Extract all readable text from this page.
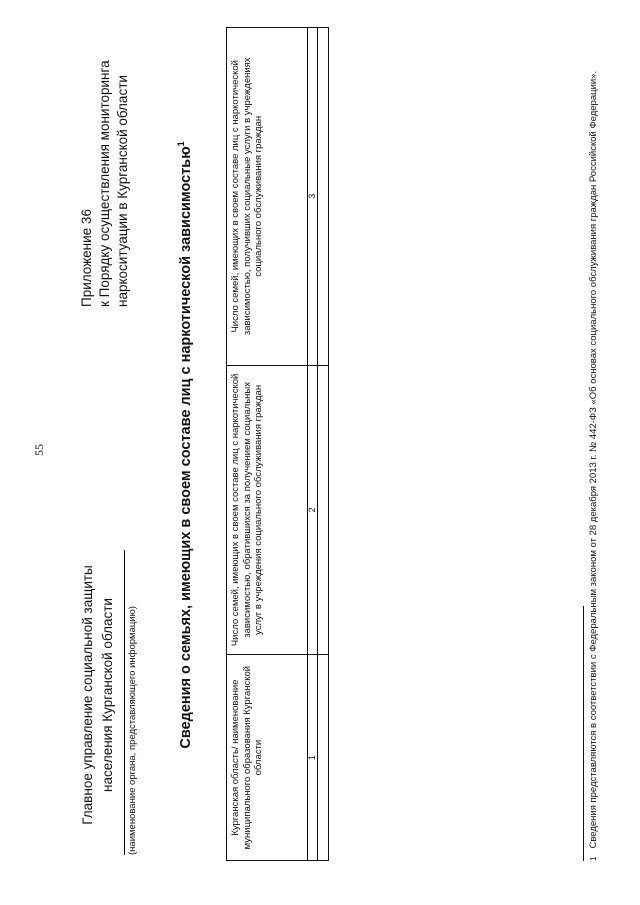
55
Главное управление социальной защиты населения Курганской области	(наименование органа, представляющего информацию)
Приложение 36 к Порядку осуществления мониторинга наркоситуации в Курганской области	Сведения о семьях, имеющих в своем составе лиц с наркотической зависимостью$^1$
Курганская область/ наименование муниципального образования Курганской области	Число семей, имеющих в своем составе лиц с наркотической зависимостью, обратившихся за получением социальных услуг в учреждения социального обслуживания граждан	Число семей, имеющих в своем составе лиц с наркотической зависимостью, получивших социальные услуги в учреждениях социального обслуживания граждан
1	2	3

$^1$Сведения представляются в соответствии с Федеральным законом от 28 декабря 2013 г. № 442-ФЗ «Об основах социального обслуживания граждан Российской Федерации».
